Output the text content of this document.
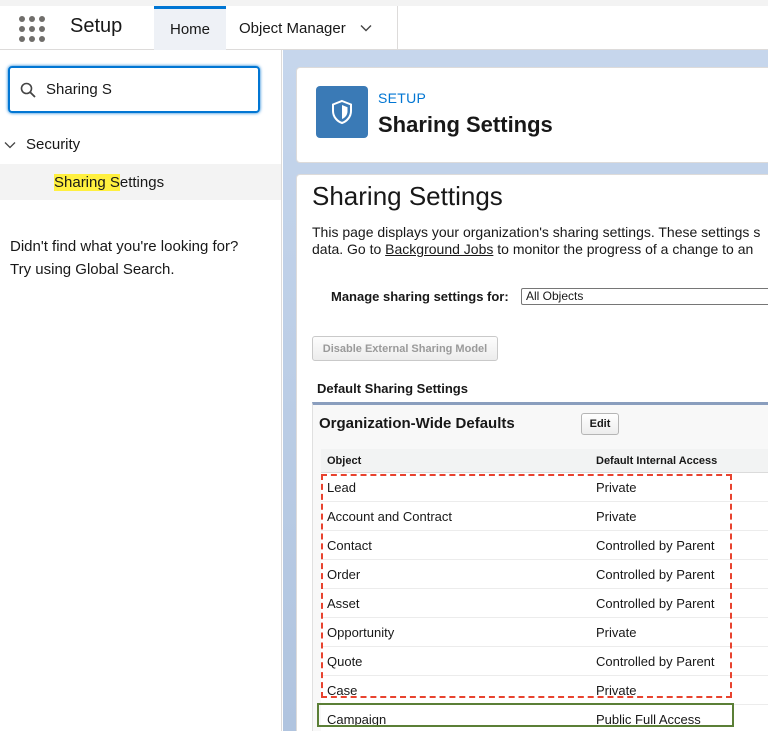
Setup	Home	Object Manager
Sharing S
Security
Sharing S ettings
Didn't find what you're looking for?
Try using Global Search.
SETUP
Sharing Settings
Sharing Settings
This page displays your organization's sharing settings. These settings s
data. Go to Background Jobs to monitor the progress of a change to an
Manage sharing settings for:	All Objects
Disable External Sharing Model
Default Sharing Settings
Organization-Wide Defaults	Edit
Object	Default Internal Access
Lead	Private
Account and Contract	Private
Contact	Controlled by Parent
Order	Controlled by Parent
Asset	Controlled by Parent
Opportunity	Private
Quote	Controlled by Parent
Case	Private
Campaign	Public Full Access
